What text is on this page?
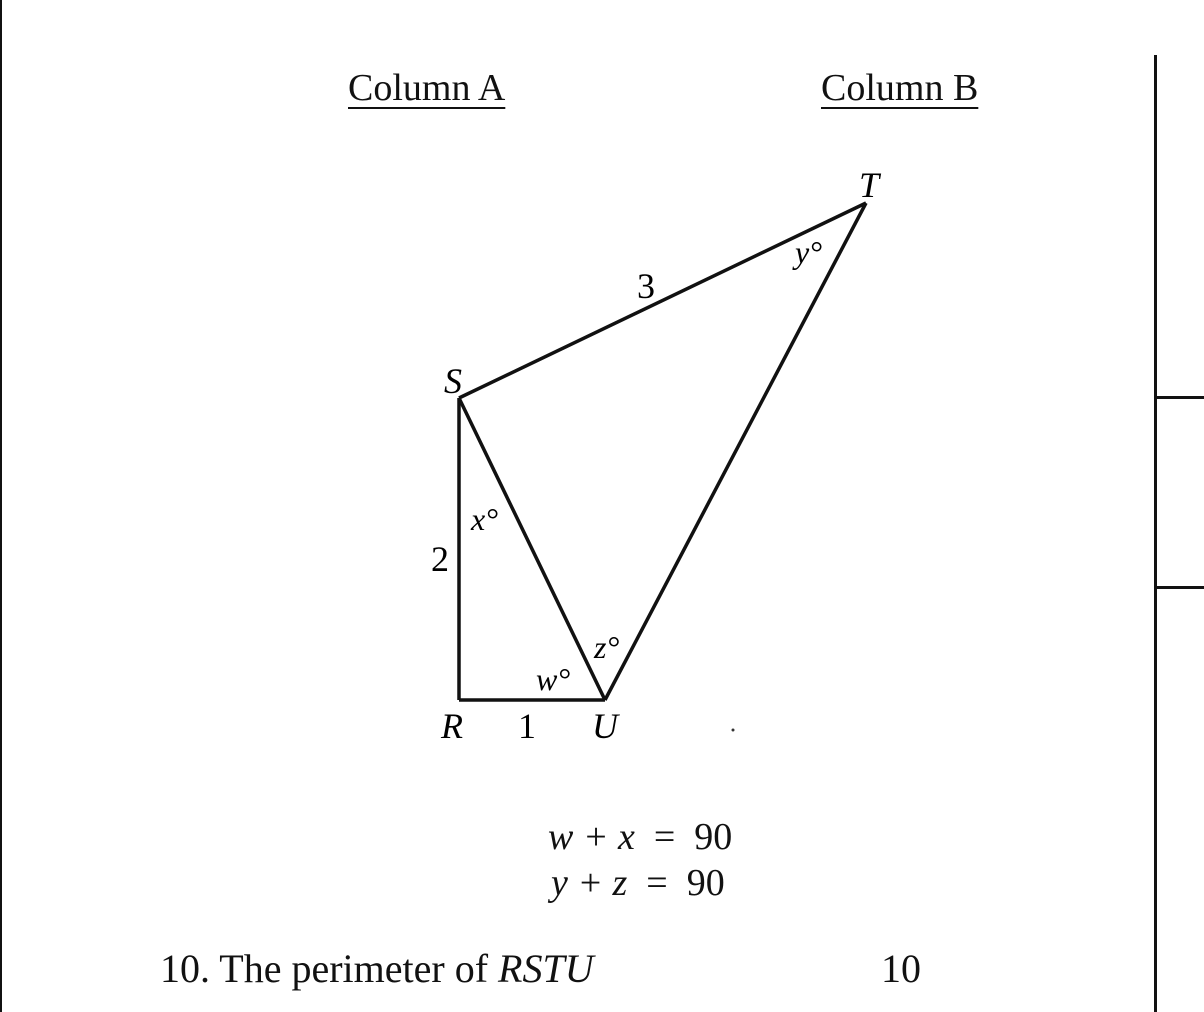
Column A	Column B
S
T
R	U
3
2
1
x°
y°
z°
w°
w + x = 90
y + z = 90
10. The perimeter of RSTU	10
